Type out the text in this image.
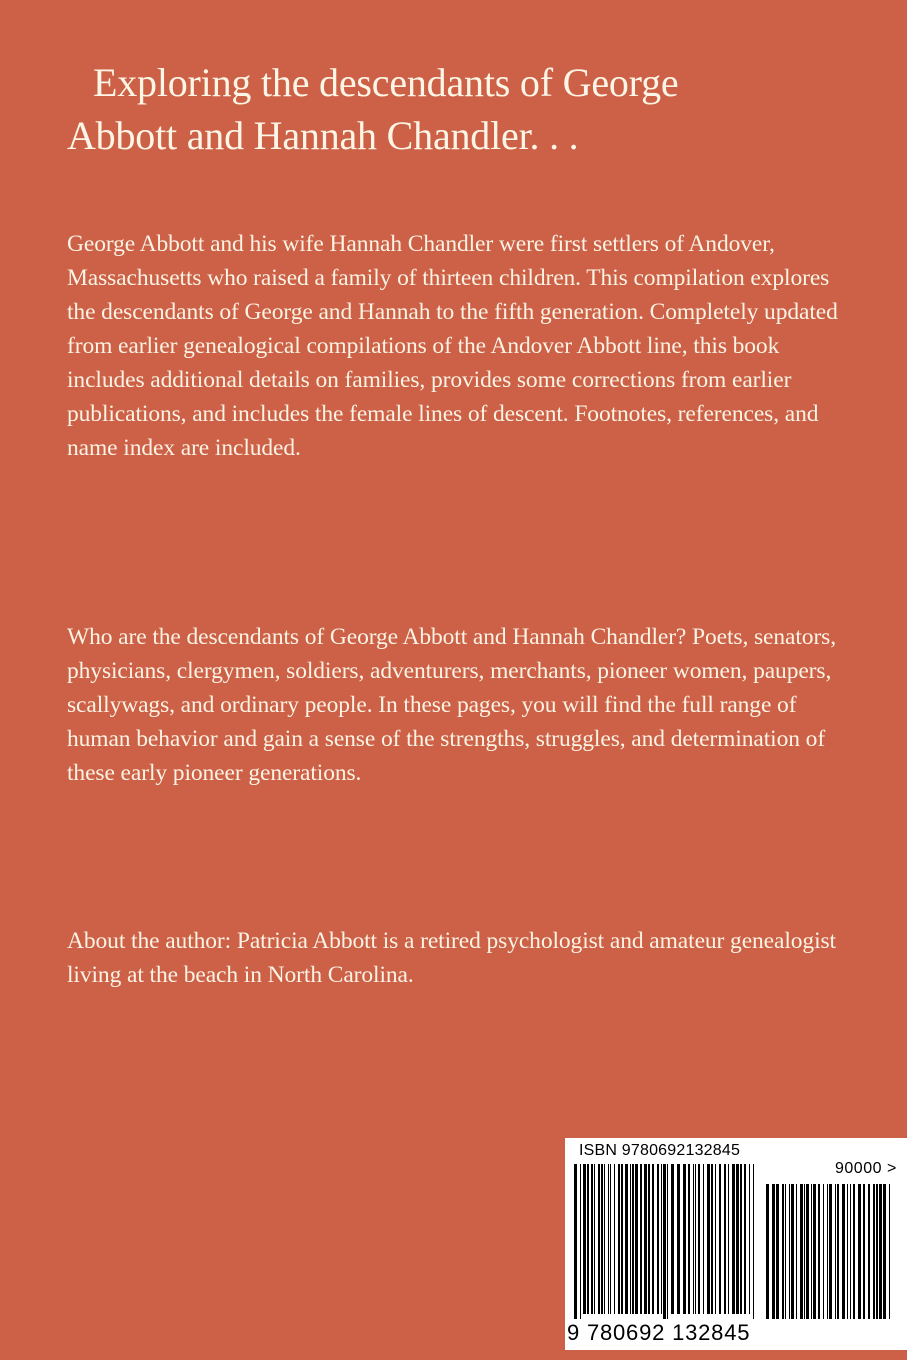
Exploring the descendants of George
Abbott and Hannah Chandler. . .

George Abbott and his wife Hannah Chandler were first settlers of Andover, Massachusetts who raised a family of thirteen children. This compilation explores the descendants of George and Hannah to the fifth generation. Completely updated from earlier genealogical compilations of the Andover Abbott line, this book includes additional details on families, provides some corrections from earlier publications, and includes the female lines of descent. Footnotes, references, and name index are included.

Who are the descendants of George Abbott and Hannah Chandler? Poets, senators, physicians, clergymen, soldiers, adventurers, merchants, pioneer women, paupers, scallywags, and ordinary people. In these pages, you will find the full range of human behavior and gain a sense of the strengths, struggles, and determination of these early pioneer generations.

About the author: Patricia Abbott is a retired psychologist and amateur genealogist living at the beach in North Carolina.

ISBN 9780692132845
90000 >
9 780692 132845
